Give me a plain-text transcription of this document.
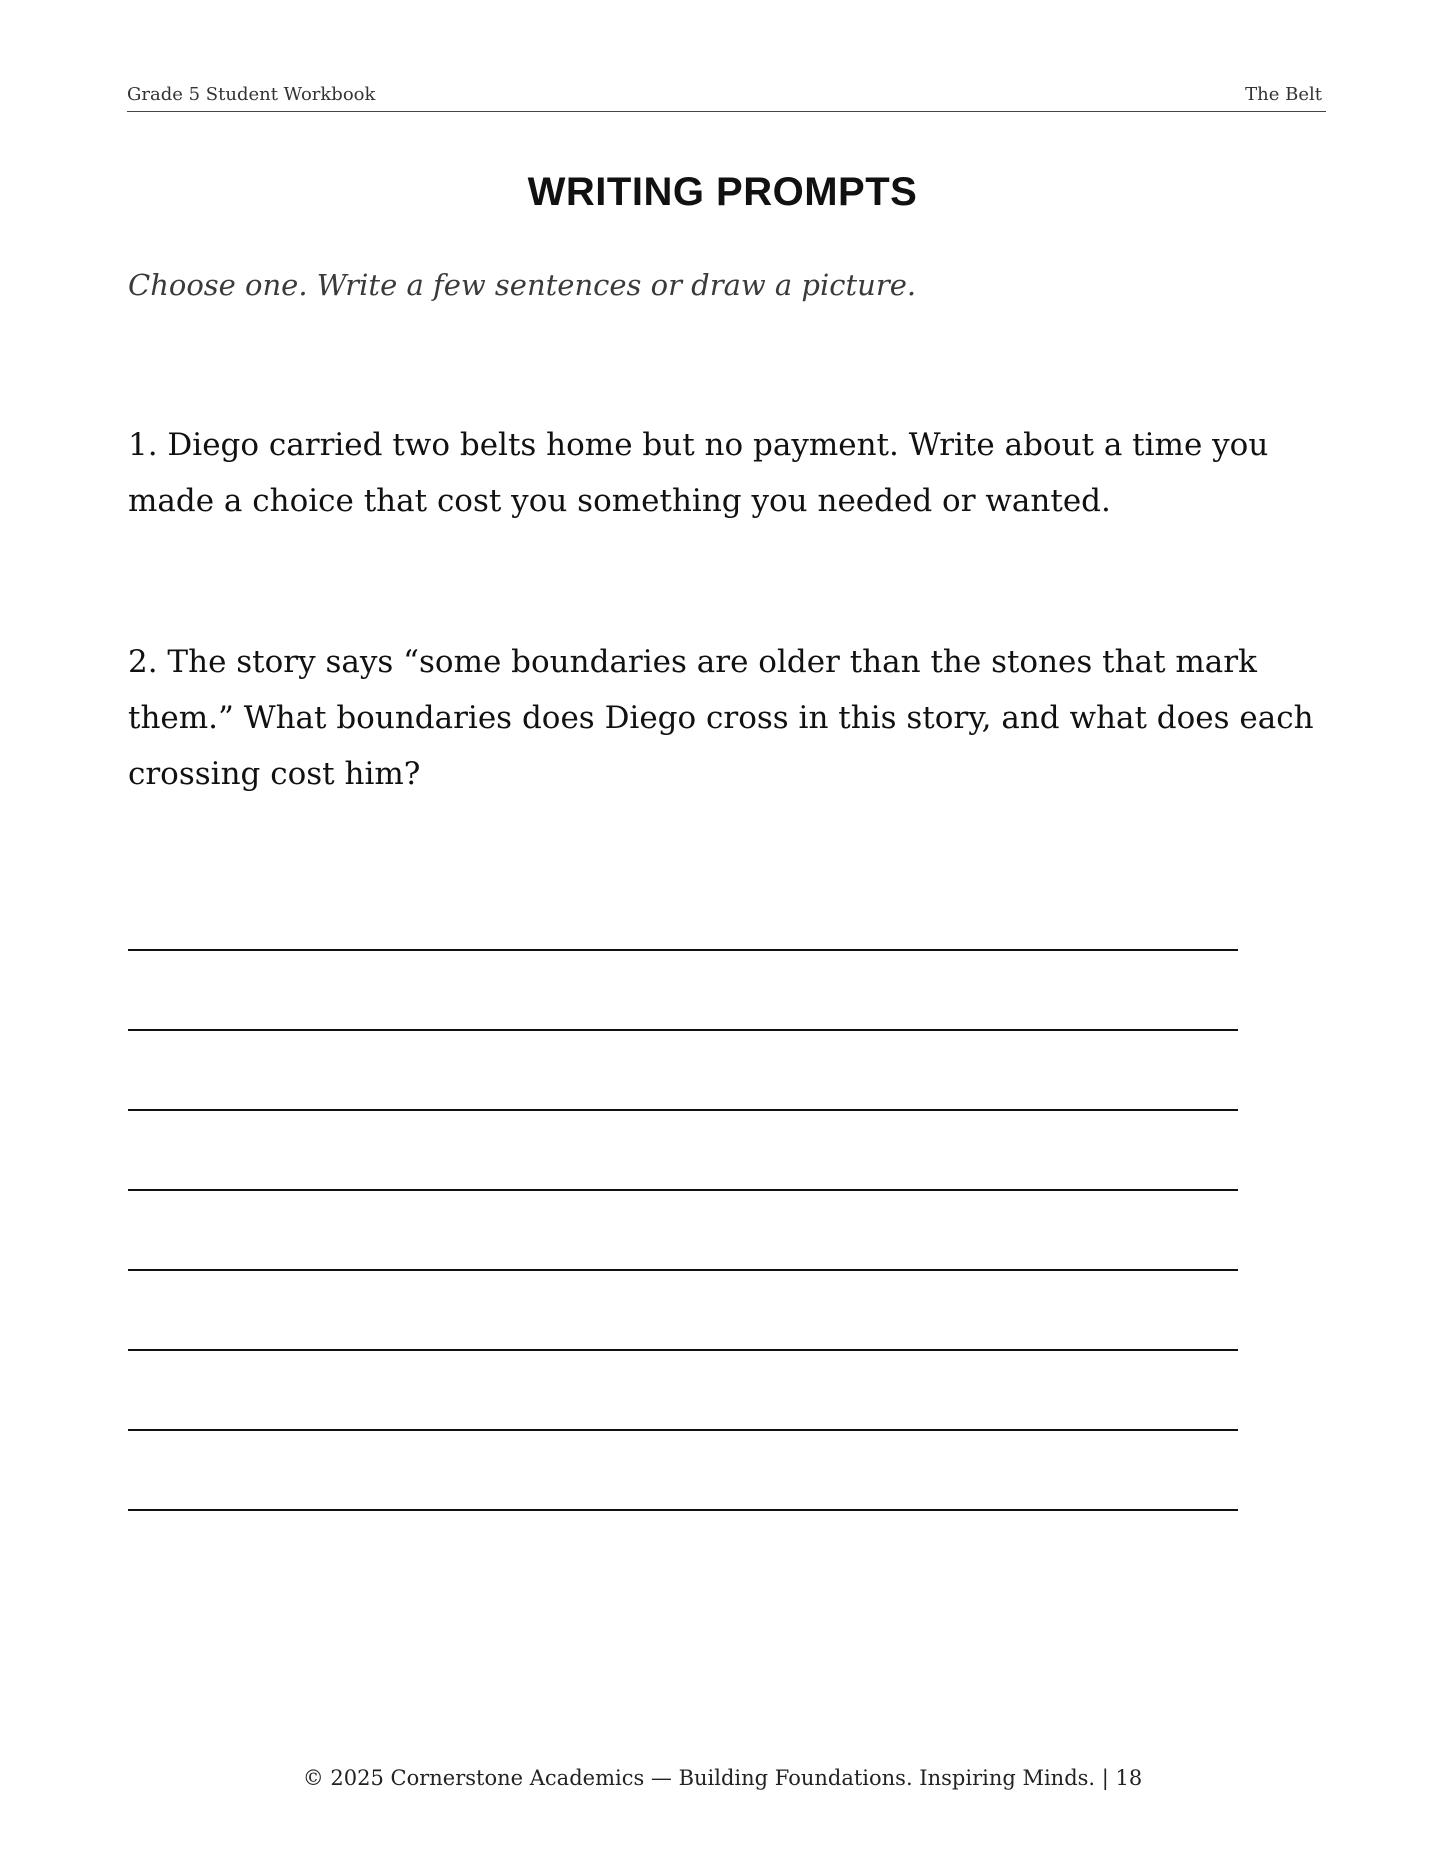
Grade 5 Student Workbook	The Belt
WRITING PROMPTS
Choose one. Write a few sentences or draw a picture.

1. Diego carried two belts home but no payment. Write about a time you made a choice that cost you something you needed or wanted.

2. The story says “some boundaries are older than the stones that mark them.” What boundaries does Diego cross in this story, and what does each crossing cost him?

© 2025 Cornerstone Academics — Building Foundations. Inspiring Minds. | 18
